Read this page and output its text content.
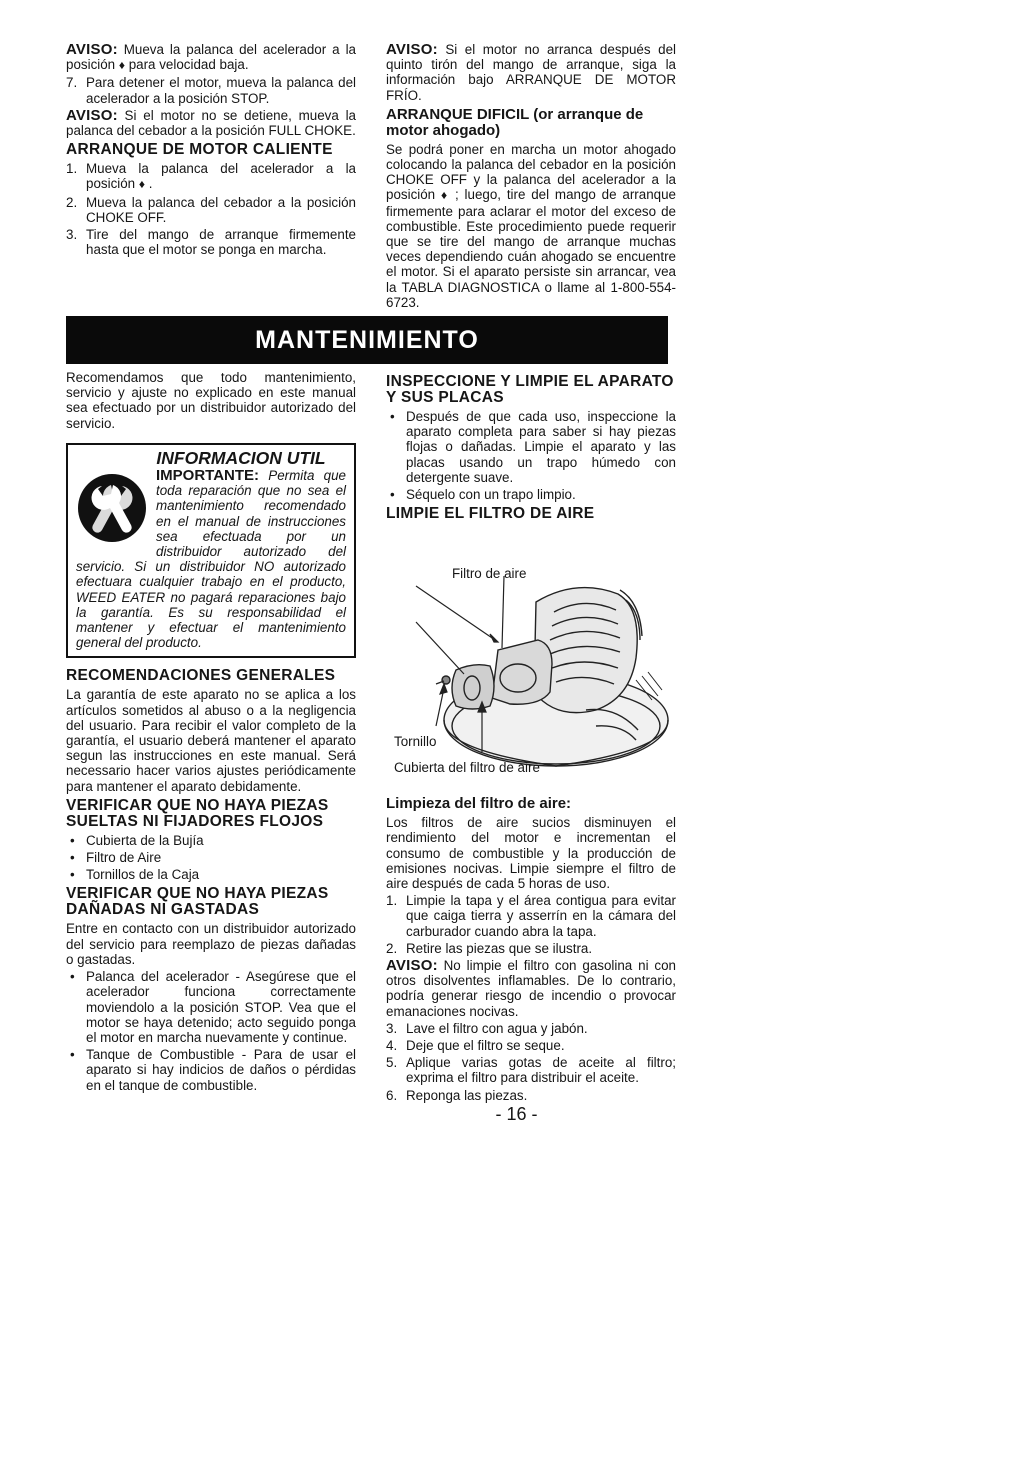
AVISO: Mueva la palanca del acelerador a la posición ♦ para velocidad baja.

7. Para detener el motor, mueva la palanca del acelerador a la posición STOP.

AVISO: Si el motor no se detiene, mueva la palanca del cebador a la posición FULL CHOKE.

ARRANQUE DE MOTOR CALIENTE
1. Mueva la palanca del acelerador a la posición ♦ .
2. Mueva la palanca del cebador a la posición CHOKE OFF.
3. Tire del mango de arranque firmemente hasta que el motor se ponga en marcha.

AVISO: Si el motor no arranca después del quinto tirón del mango de arranque, siga la información bajo ARRANQUE DE MOTOR FRÍO.

ARRANQUE DIFICIL (or arranque de motor ahogado)

Se podrá poner en marcha un motor ahogado colocando la palanca del cebador en la posición CHOKE OFF y la palanca del acelerador a la posición ♦ ; luego, tire del mango de arranque firmemente para aclarar el motor del exceso de combustible. Este procedimiento puede requerir que se tire del mango de arranque muchas veces dependiendo cuán ahogado se encuentre el motor. Si el aparato persiste sin arrancar, vea la TABLA DIAGNOSTICA o llame al 1-800-554-6723.

MANTENIMIENTO

Recomendamos que todo mantenimiento, servicio y ajuste no explicado en este manual sea efectuado por un distribuidor autorizado del servicio.

INFORMACION UTIL

IMPORTANTE: Permita que toda reparación que no sea el mantenimiento recomendado en el manual de instrucciones sea efectuada por un distribuidor autorizado del servicio. Si un distribuidor NO autorizado efectuara cualquier trabajo en el producto, WEED EATER no pagará reparaciones bajo la garantía. Es su responsabilidad el mantener y efectuar el mantenimiento general del producto.

RECOMENDACIONES GENERALES

La garantía de este aparato no se aplica a los artículos sometidos al abuso o a la negligencia del usuario. Para recibir el valor completo de la garantía, el usuario deberá mantener el aparato segun las instrucciones en este manual. Será necessario hacer varios ajustes periódicamente para mantener el aparato debidamente.

VERIFICAR QUE NO HAYA PIEZAS SUELTAS NI FIJADORES FLOJOS
• Cubierta de la Bujía
• Filtro de Aire
• Tornillos de la Caja
VERIFICAR QUE NO HAYA PIEZAS DAÑADAS NI GASTADAS

Entre en contacto con un distribuidor autorizado del servicio para reemplazo de piezas dañadas o gastadas.

• Palanca del acelerador - Asegúrese que el acelerador funciona correctamente moviendolo a la posición STOP. Vea que el motor se haya detenido; acto seguido ponga el motor en marcha nuevamente y continue.
• Tanque de Combustible - Para de usar el aparato si hay indicios de daños o pérdidas en el tanque de combustible.
INSPECCIONE Y LIMPIE EL APARATO Y SUS PLACAS
• Después de que cada uso, inspeccione la aparato completa para saber si hay piezas flojas o dañadas. Limpie el aparato y las placas usando un trapo húmedo con detergente suave.
• Séquelo con un trapo limpio.
LIMPIE EL FILTRO DE AIRE
Filtro de aire
Tornillo
Cubierta del filtro de aire
Limpieza del filtro de aire:

Los filtros de aire sucios disminuyen el rendimiento del motor e incrementan el consumo de combustible y la producción de emisiones nocivas. Limpie siempre el filtro de aire después de cada 5 horas de uso.

1. Limpie la tapa y el área contigua para evitar que caiga tierra y asserrín en la cámara del carburador cuando abra la tapa.
2. Retire las piezas que se ilustra.

AVISO: No limpie el filtro con gasolina ni con otros disolventes inflamables. De lo contrario, podría generar riesgo de incendio o provocar emanaciones nocivas.

3. Lave el filtro con agua y jabón.
4. Deje que el filtro se seque.
5. Aplique varias gotas de aceite al filtro; exprima el filtro para distribuir el aceite.
6. Reponga las piezas.
- 16 -
